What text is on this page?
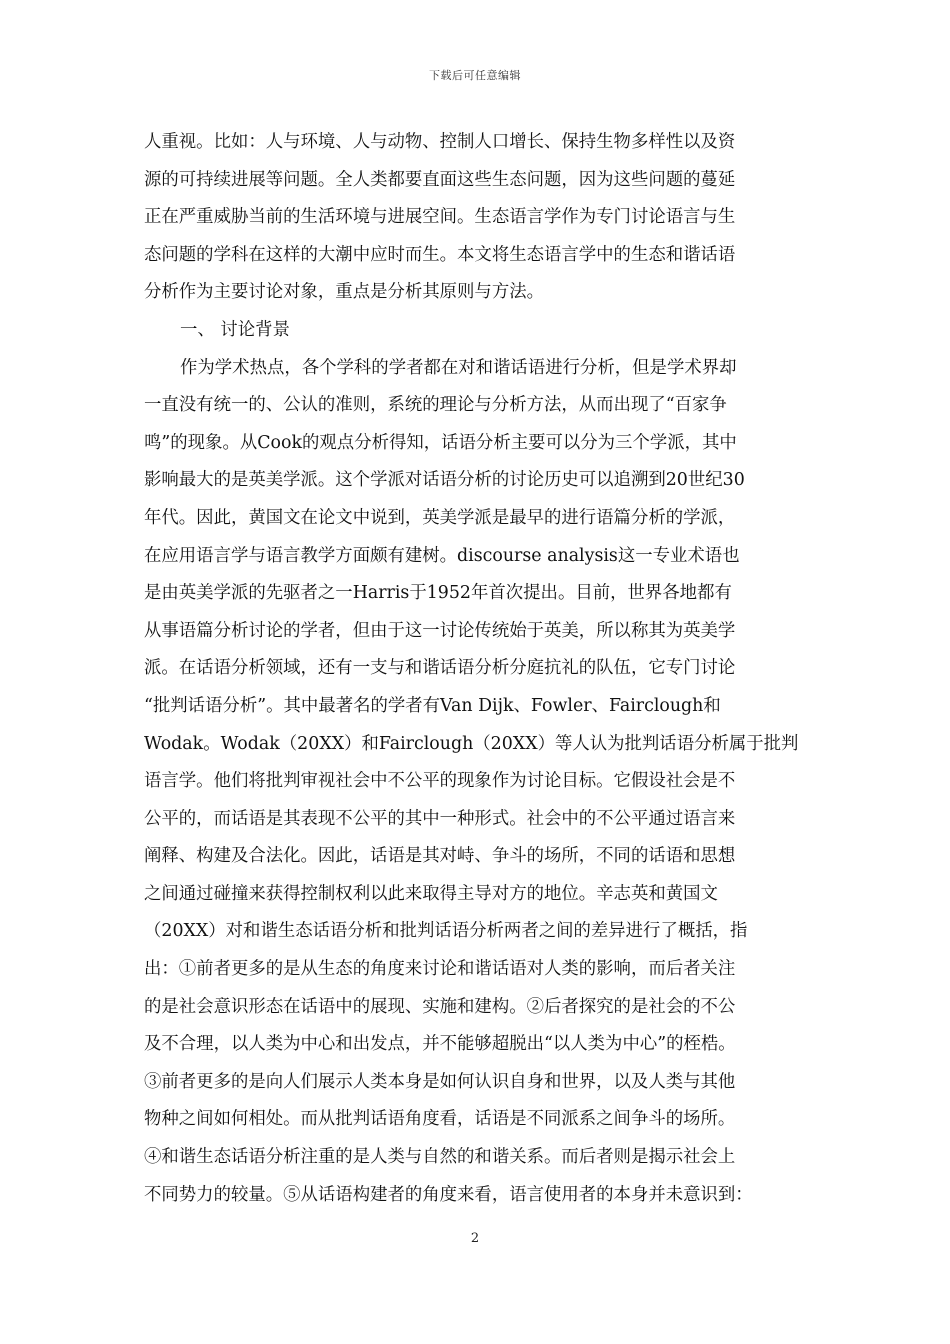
下载后可任意编辑
人重视。比如：人与环境、人与动物、控制人口增长、保持生物多样性以及资
源的可持续进展等问题。全人类都要直面这些生态问题，因为这些问题的蔓延
正在严重威胁当前的生活环境与进展空间。生态语言学作为专门讨论语言与生
态问题的学科在这样的大潮中应时而生。本文将生态语言学中的生态和谐话语
分析作为主要讨论对象，重点是分析其原则与方法。
一、 讨论背景
作为学术热点，各个学科的学者都在对和谐话语进行分析，但是学术界却
一直没有统一的、公认的准则，系统的理论与分析方法，从而出现了“百家争
鸣”的现象。从Cook的观点分析得知，话语分析主要可以分为三个学派，其中
影响最大的是英美学派。这个学派对话语分析的讨论历史可以追溯到20世纪30
年代。因此，黄国文在论文中说到，英美学派是最早的进行语篇分析的学派，
在应用语言学与语言教学方面颇有建树。discourse analysis这一专业术语也
是由英美学派的先驱者之一Harris于1952年首次提出。目前，世界各地都有
从事语篇分析讨论的学者，但由于这一讨论传统始于英美，所以称其为英美学
派。在话语分析领域，还有一支与和谐话语分析分庭抗礼的队伍，它专门讨论
“批判话语分析”。其中最著名的学者有Van Dijk、Fowler、Fairclough和
Wodak。Wodak（20XX）和Fairclough（20XX）等人认为批判话语分析属于批判
语言学。他们将批判审视社会中不公平的现象作为讨论目标。它假设社会是不
公平的，而话语是其表现不公平的其中一种形式。社会中的不公平通过语言来
阐释、构建及合法化。因此，话语是其对峙、争斗的场所，不同的话语和思想
之间通过碰撞来获得控制权利以此来取得主导对方的地位。辛志英和黄国文
（20XX）对和谐生态话语分析和批判话语分析两者之间的差异进行了概括，指
出：①前者更多的是从生态的角度来讨论和谐话语对人类的影响，而后者关注
的是社会意识形态在话语中的展现、实施和建构。②后者探究的是社会的不公
及不合理，以人类为中心和出发点，并不能够超脱出“以人类为中心”的桎梏。
③前者更多的是向人们展示人类本身是如何认识自身和世界，以及人类与其他
物种之间如何相处。而从批判话语角度看，话语是不同派系之间争斗的场所。
④和谐生态话语分析注重的是人类与自然的和谐关系。而后者则是揭示社会上
不同势力的较量。⑤从话语构建者的角度来看，语言使用者的本身并未意识到：
2
